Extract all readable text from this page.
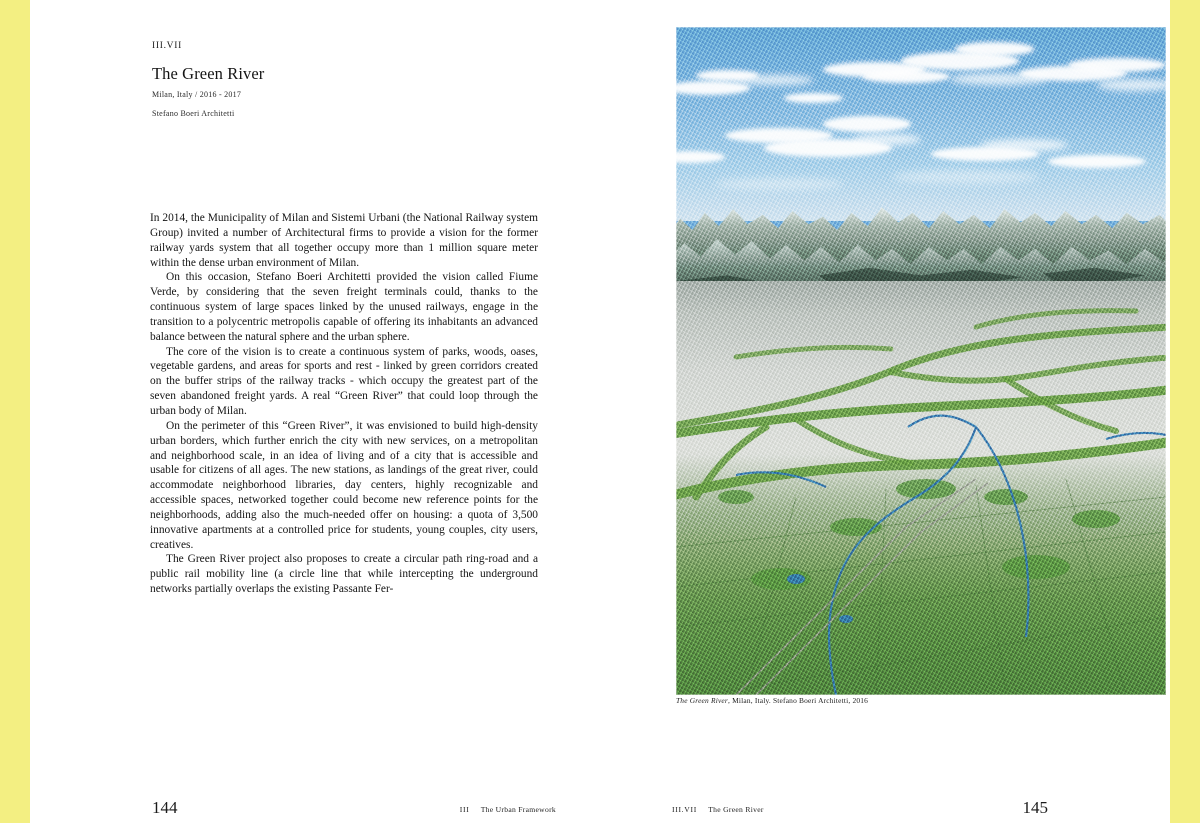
III.VII
The Green River
Milan, Italy / 2016 - 2017
Stefano Boeri Architetti

In 2014, the Municipality of Milan and Sistemi Urbani (the National Railway system Group) invited a number of Architectural firms to provide a vision for the former railway yards system that all together occupy more than 1 million square meter within the dense urban environment of Milan.

On this occasion, Stefano Boeri Architetti provided the vision called Fiume Verde, by considering that the seven freight terminals could, thanks to the continuous system of large spaces linked by the unused railways, engage in the transition to a polycentric metropolis capable of offering its inhabitants an advanced balance between the natural sphere and the urban sphere.

The core of the vision is to create a continuous system of parks, woods, oases, vegetable gardens, and areas for sports and rest - linked by green corridors created on the buffer strips of the railway tracks - which occupy the greatest part of the seven abandoned freight yards. A real “Green River” that could loop through the urban body of Milan.

On the perimeter of this “Green River”, it was envisioned to build high-density urban borders, which further enrich the city with new services, on a metropolitan and neighborhood scale, in an idea of living and of a city that is accessible and usable for citizens of all ages. The new stations, as landings of the great river, could accommodate neighborhood libraries, day centers, highly recognizable and accessible spaces, networked together could become new reference points for the neighborhoods, adding also the much-needed offer on housing: a quota of 3,500 innovative apartments at a controlled price for students, young couples, city users, creatives.

The Green River project also proposes to create a circular path ring-road and a public rail mobility line (a circle line that while intercepting the underground networks partially overlaps the existing Passante Fer-

144	III The Urban Framework
The Green River, Milan, Italy. Stefano Boeri Architetti, 2016
145
III.VII The Green River
